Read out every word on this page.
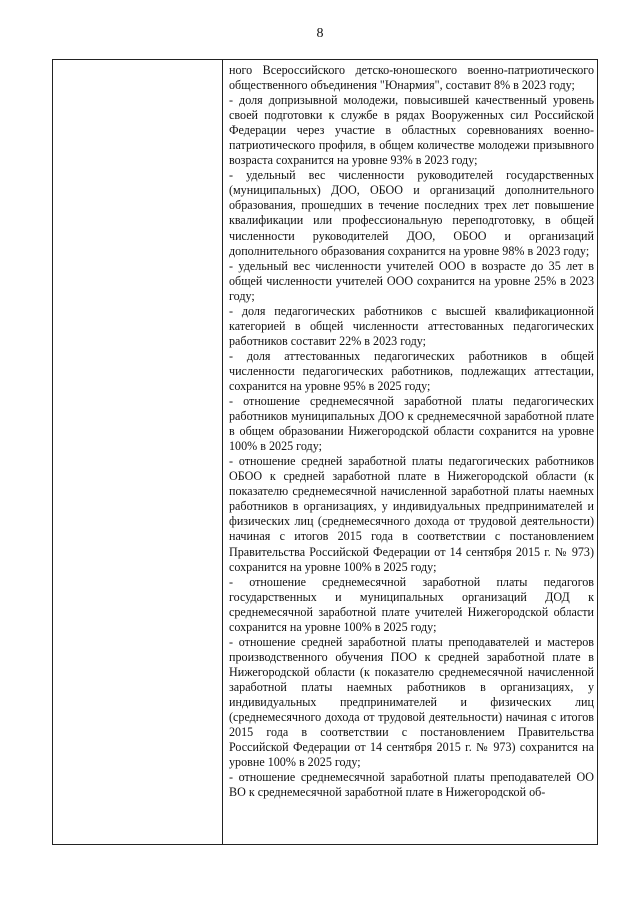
8

ного Всероссийского детско-юношеского военно-патриотического общественного объединения "Юнармия", составит 8% в 2023 году;

- доля допризывной молодежи, повысившей качественный уровень своей подготовки к службе в рядах Вооруженных сил Российской Федерации через участие в областных соревнованиях военно-патриотического профиля, в общем количестве молодежи призывного возраста сохранится на уровне 93% в 2023 году;

- удельный вес численности руководителей государственных (муниципальных) ДОО, ОБОО и организаций дополнительного образования, прошедших в течение последних трех лет повышение квалификации или профессиональную переподготовку, в общей численности руководителей ДОО, ОБОО и организаций дополнительного образования сохранится на уровне 98% в 2023 году;

- удельный вес численности учителей ООО в возрасте до 35 лет в общей численности учителей ООО сохранится на уровне 25% в 2023 году;

- доля педагогических работников с высшей квалификационной категорией в общей численности аттестованных педагогических работников составит 22% в 2023 году;

- доля аттестованных педагогических работников в общей численности педагогических работников, подлежащих аттестации, сохранится на уровне 95% в 2025 году;

- отношение среднемесячной заработной платы педагогических работников муниципальных ДОО к среднемесячной заработной плате в общем образовании Нижегородской области сохранится на уровне 100% в 2025 году;

- отношение средней заработной платы педагогических работников ОБОО к средней заработной плате в Нижегородской области (к показателю среднемесячной начисленной заработной платы наемных работников в организациях, у индивидуальных предпринимателей и физических лиц (среднемесячного дохода от трудовой деятельности) начиная с итогов 2015 года в соответствии с постановлением Правительства Российской Федерации от 14 сентября 2015 г. № 973) сохранится на уровне 100% в 2025 году;

- отношение среднемесячной заработной платы педагогов государственных и муниципальных организаций ДОД к среднемесячной заработной плате учителей Нижегородской области сохранится на уровне 100% в 2025 году;

- отношение средней заработной платы преподавателей и мастеров производственного обучения ПОО к средней заработной плате в Нижегородской области (к показателю среднемесячной начисленной заработной платы наемных работников в организациях, у индивидуальных предпринимателей и физических лиц (среднемесячного дохода от трудовой деятельности) начиная с итогов 2015 года в соответствии с постановлением Правительства Российской Федерации от 14 сентября 2015 г. № 973) сохранится на уровне 100% в 2025 году;

- отношение среднемесячной заработной платы преподавателей ОО ВО к среднемесячной заработной плате в Нижегородской об-
